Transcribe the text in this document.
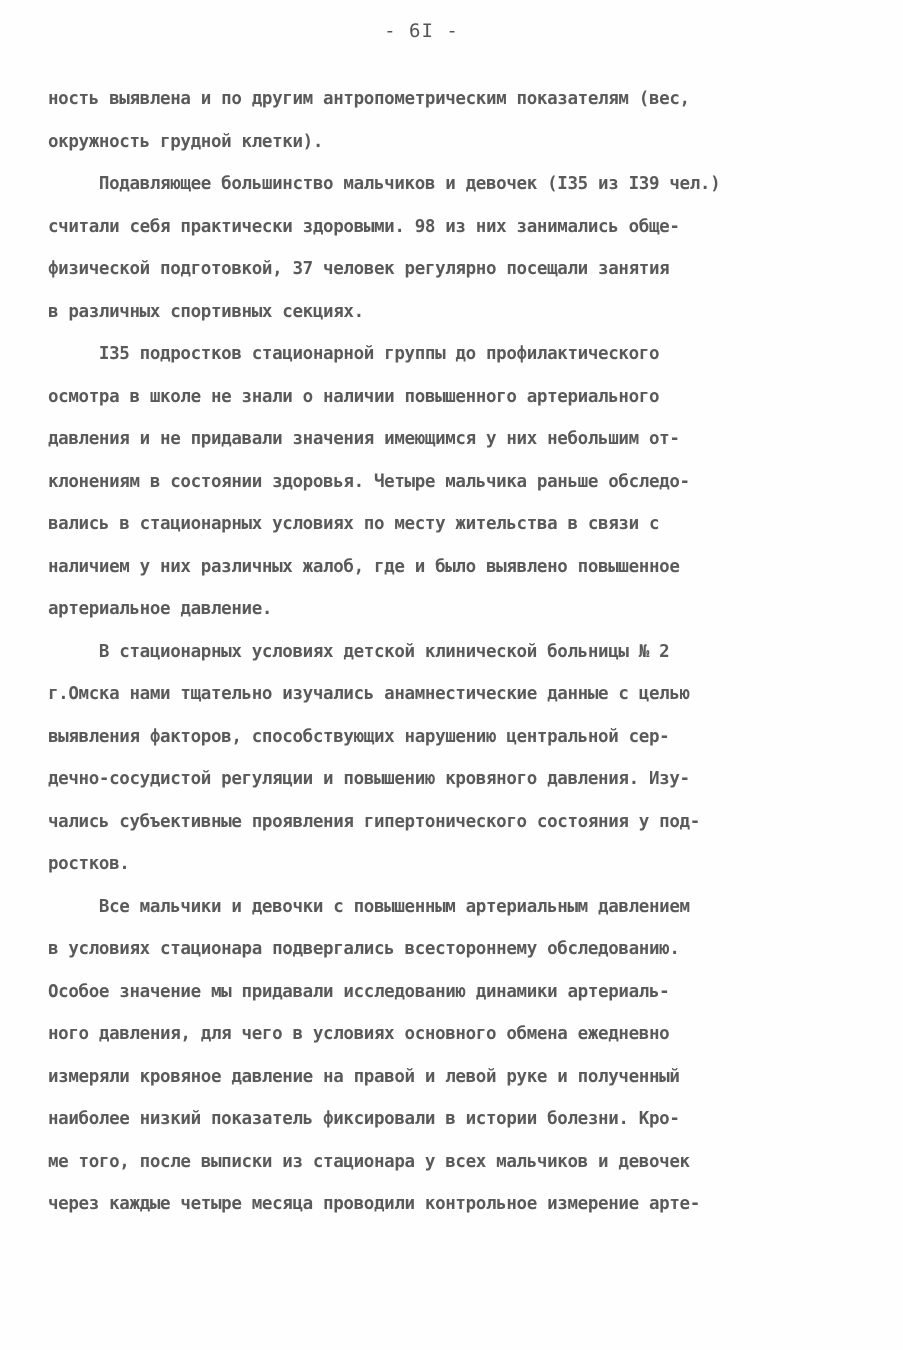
- 6I -
ность выявлена и по другим антропометрическим показателям (вес,
окружность грудной клетки).
Подавляющее большинство мальчиков и девочек (I35 из I39 чел.)
считали себя практически здоровыми. 98 из них занимались обще-
физической подготовкой, 37 человек регулярно посещали занятия
в различных спортивных секциях.
I35 подростков стационарной группы до профилактического
осмотра в школе не знали о наличии повышенного артериального
давления и не придавали значения имеющимся у них небольшим от-
клонениям в состоянии здоровья. Четыре мальчика раньше обследо-
вались в стационарных условиях по месту жительства в связи с
наличием у них различных жалоб, где и было выявлено повышенное
артериальное давление.
В стационарных условиях детской клинической больницы № 2
г.Омска нами тщательно изучались анамнестические данные с целью
выявления факторов, способствующих нарушению центральной сер-
дечно-сосудистой регуляции и повышению кровяного давления. Изу-
чались субъективные проявления гипертонического состояния у под-
ростков.
Все мальчики и девочки с повышенным артериальным давлением
в условиях стационара подвергались всестороннему обследованию.
Особое значение мы придавали исследованию динамики артериаль-
ного давления, для чего в условиях основного обмена ежедневно
измеряли кровяное давление на правой и левой руке и полученный
наиболее низкий показатель фиксировали в истории болезни. Кро-
ме того, после выписки из стационара у всех мальчиков и девочек
через каждые четыре месяца проводили контрольное измерение арте-
